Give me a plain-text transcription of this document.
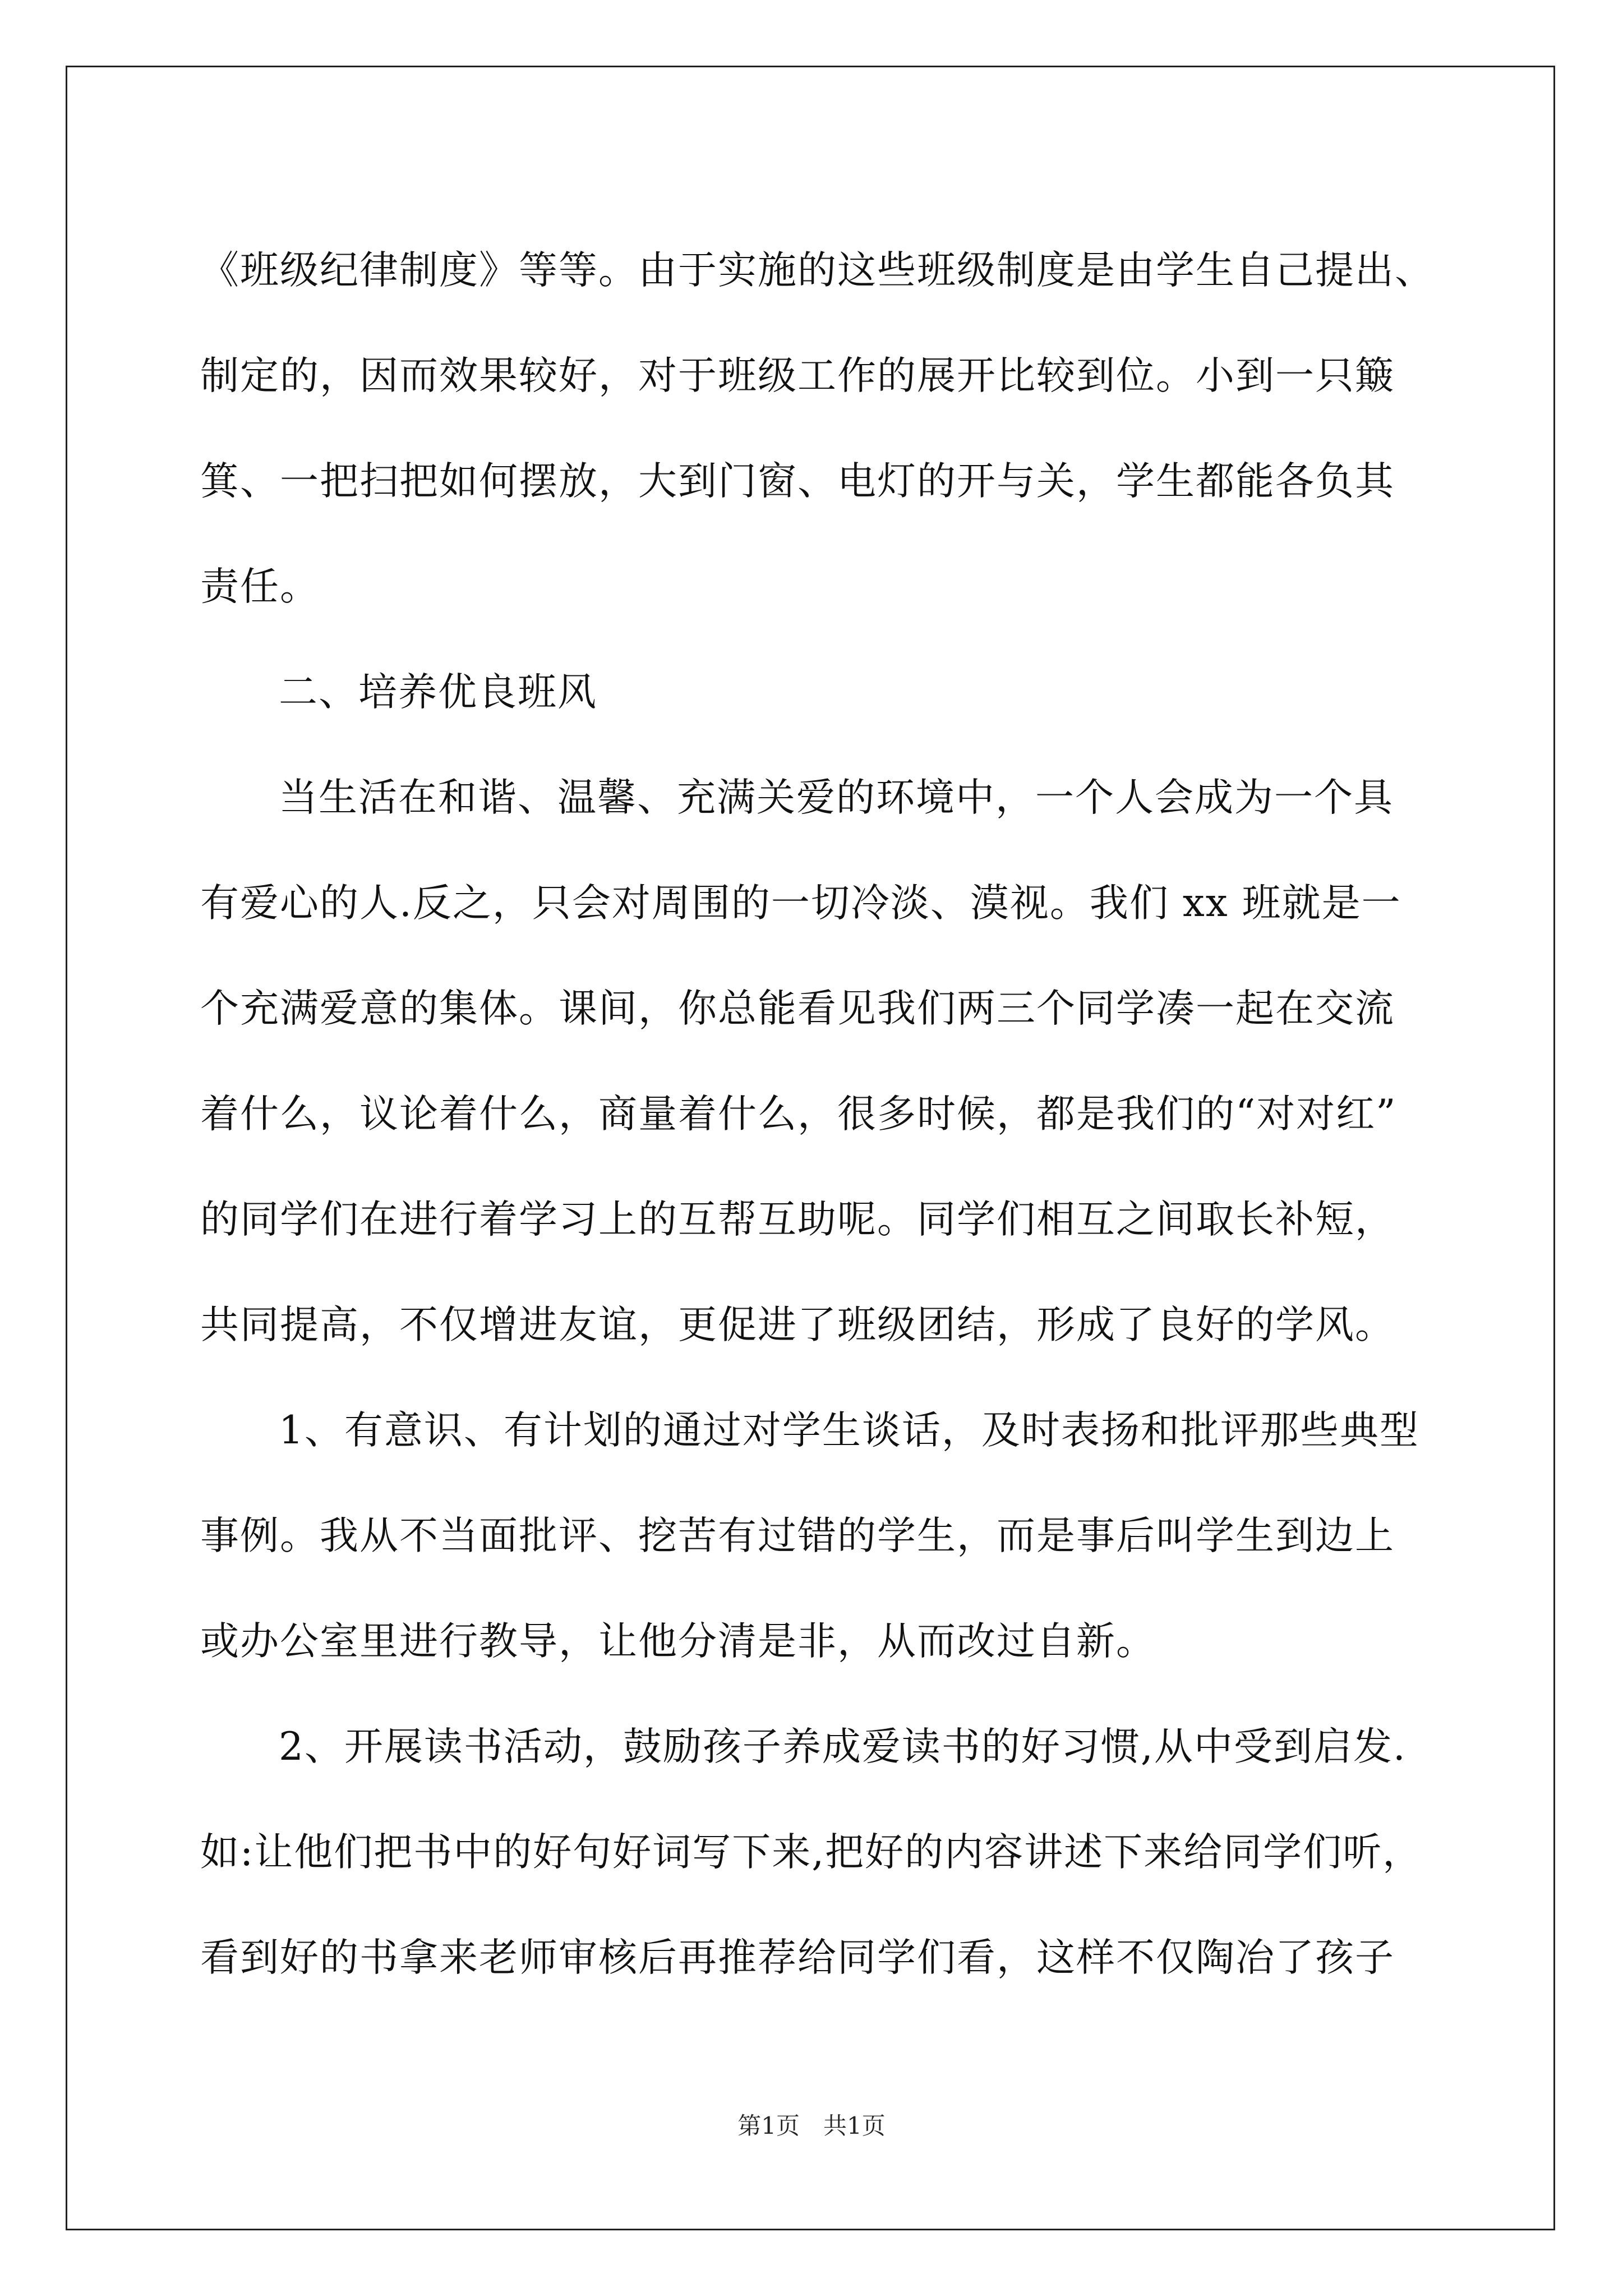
《班级纪律制度》等等。由于实施的这些班级制度是由学生自己提出、
制定的，因而效果较好，对于班级工作的展开比较到位。小到一只簸
箕、一把扫把如何摆放，大到门窗、电灯的开与关，学生都能各负其
责任。
二、培养优良班风
当生活在和谐、温馨、充满关爱的环境中，一个人会成为一个具
有爱心的人.反之，只会对周围的一切冷淡、漠视。我们 xx 班就是一
个充满爱意的集体。课间，你总能看见我们两三个同学凑一起在交流
着什么，议论着什么，商量着什么，很多时候，都是我们的“对对红”
的同学们在进行着学习上的互帮互助呢。同学们相互之间取长补短，
共同提高，不仅增进友谊，更促进了班级团结，形成了良好的学风。
1、有意识、有计划的通过对学生谈话，及时表扬和批评那些典型
事例。我从不当面批评、挖苦有过错的学生，而是事后叫学生到边上
或办公室里进行教导，让他分清是非，从而改过自新。
2、开展读书活动，鼓励孩子养成爱读书的好习惯,从中受到启发.
如:让他们把书中的好句好词写下来,把好的内容讲述下来给同学们听，
看到好的书拿来老师审核后再推荐给同学们看，这样不仅陶冶了孩子
第1页　共1页
